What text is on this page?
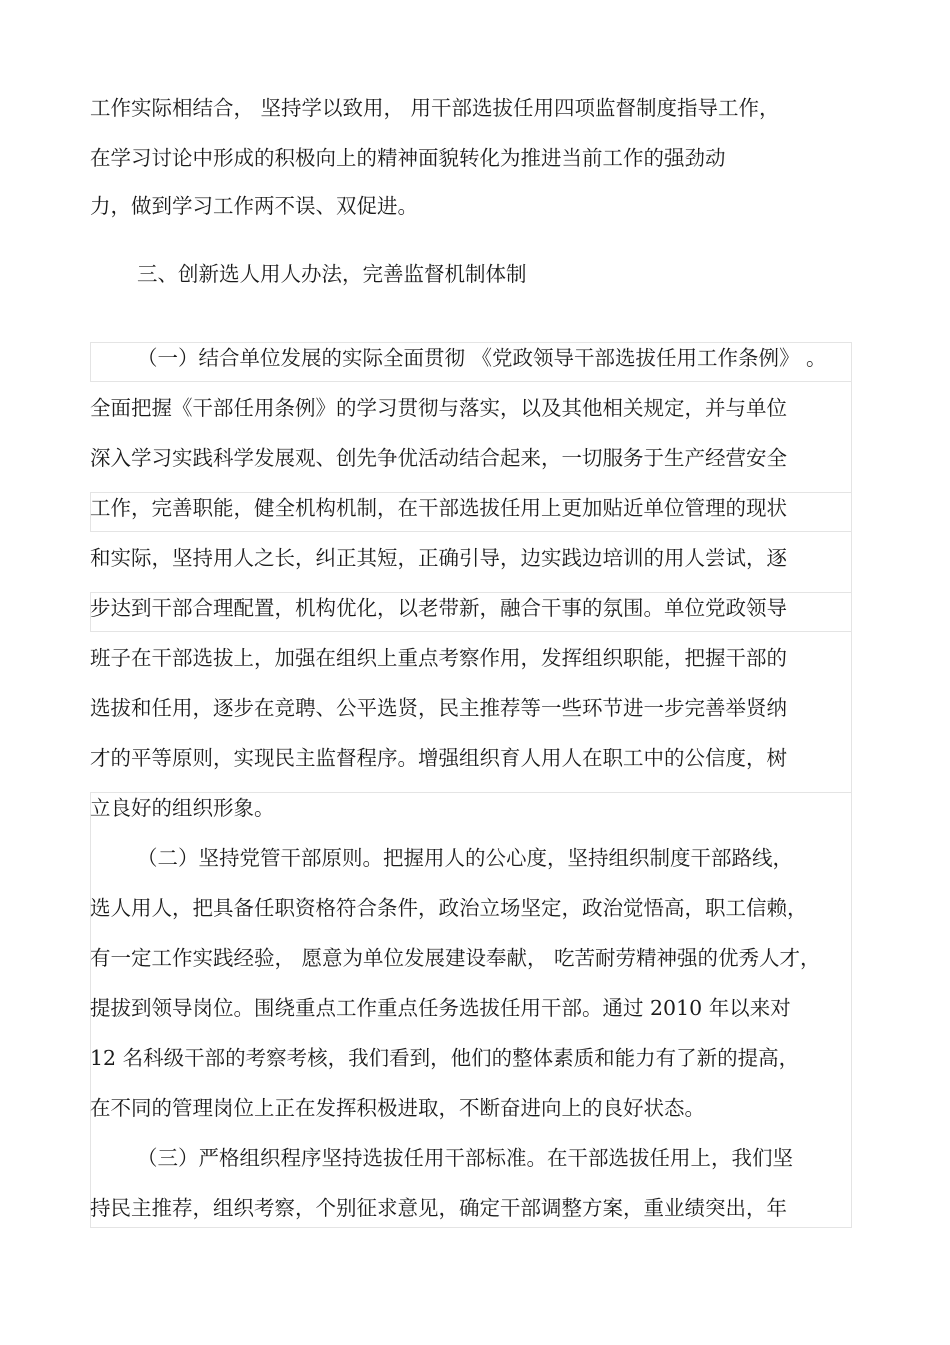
工作实际相结合， 坚持学以致用， 用干部选拔任用四项监督制度指导工作，
在学习讨论中形成的积极向上的精神面貌转化为推进当前工作的强劲动
力，做到学习工作两不误、双促进。
三、创新选人用人办法，完善监督机制体制
（一）结合单位发展的实际全面贯彻 《党政领导干部选拔任用工作条例》 。
全面把握《干部任用条例》的学习贯彻与落实，以及其他相关规定，并与单位
深入学习实践科学发展观、创先争优活动结合起来，一切服务于生产经营安全
工作，完善职能，健全机构机制，在干部选拔任用上更加贴近单位管理的现状
和实际，坚持用人之长，纠正其短，正确引导，边实践边培训的用人尝试，逐
步达到干部合理配置，机构优化，以老带新，融合干事的氛围。单位党政领导
班子在干部选拔上，加强在组织上重点考察作用，发挥组织职能，把握干部的
选拔和任用，逐步在竞聘、公平选贤，民主推荐等一些环节进一步完善举贤纳
才的平等原则，实现民主监督程序。增强组织育人用人在职工中的公信度，树
立良好的组织形象。
（二）坚持党管干部原则。把握用人的公心度，坚持组织制度干部路线，
选人用人，把具备任职资格符合条件，政治立场坚定，政治觉悟高，职工信赖，
有一定工作实践经验， 愿意为单位发展建设奉献， 吃苦耐劳精神强的优秀人才，
提拔到领导岗位。围绕重点工作重点任务选拔任用干部。通过 2010 年以来对
12 名科级干部的考察考核，我们看到，他们的整体素质和能力有了新的提高，
在不同的管理岗位上正在发挥积极进取，不断奋进向上的良好状态。
（三）严格组织程序坚持选拔任用干部标准。在干部选拔任用上，我们坚
持民主推荐，组织考察，个别征求意见，确定干部调整方案，重业绩突出，年
